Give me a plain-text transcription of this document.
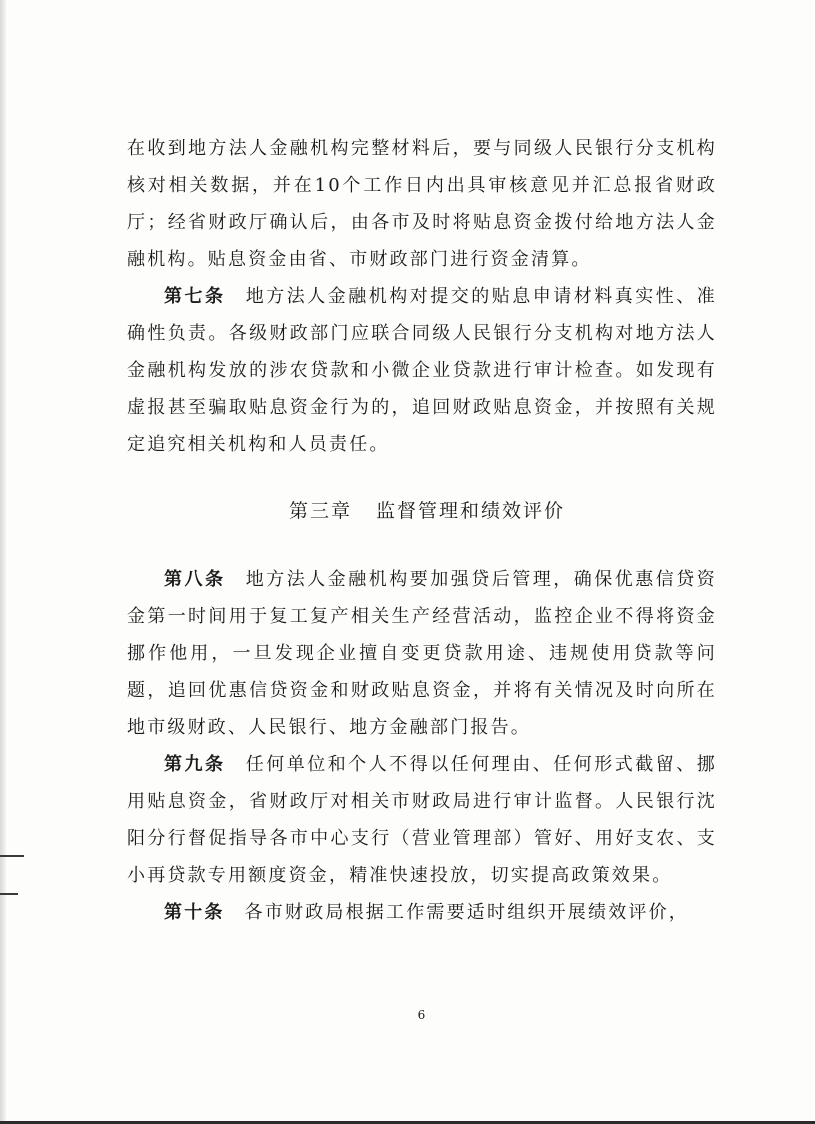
在收到地方法人金融机构完整材料后，要与同级人民银行分支机构核对相关数据，并在10个工作日内出具审核意见并汇总报省财政厅；经省财政厅确认后，由各市及时将贴息资金拨付给地方法人金融机构。贴息资金由省、市财政部门进行资金清算。

第七条 地方法人金融机构对提交的贴息申请材料真实性、准确性负责。各级财政部门应联合同级人民银行分支机构对地方法人金融机构发放的涉农贷款和小微企业贷款进行审计检查。如发现有虚报甚至骗取贴息资金行为的，追回财政贴息资金，并按照有关规定追究相关机构和人员责任。

第三章 监督管理和绩效评价

第八条 地方法人金融机构要加强贷后管理，确保优惠信贷资金第一时间用于复工复产相关生产经营活动，监控企业不得将资金挪作他用，一旦发现企业擅自变更贷款用途、违规使用贷款等问题，追回优惠信贷资金和财政贴息资金，并将有关情况及时向所在地市级财政、人民银行、地方金融部门报告。

第九条 任何单位和个人不得以任何理由、任何形式截留、挪用贴息资金，省财政厅对相关市财政局进行审计监督。人民银行沈阳分行督促指导各市中心支行（营业管理部）管好、用好支农、支小再贷款专用额度资金，精准快速投放，切实提高政策效果。

第十条 各市财政局根据工作需要适时组织开展绩效评价，

6
